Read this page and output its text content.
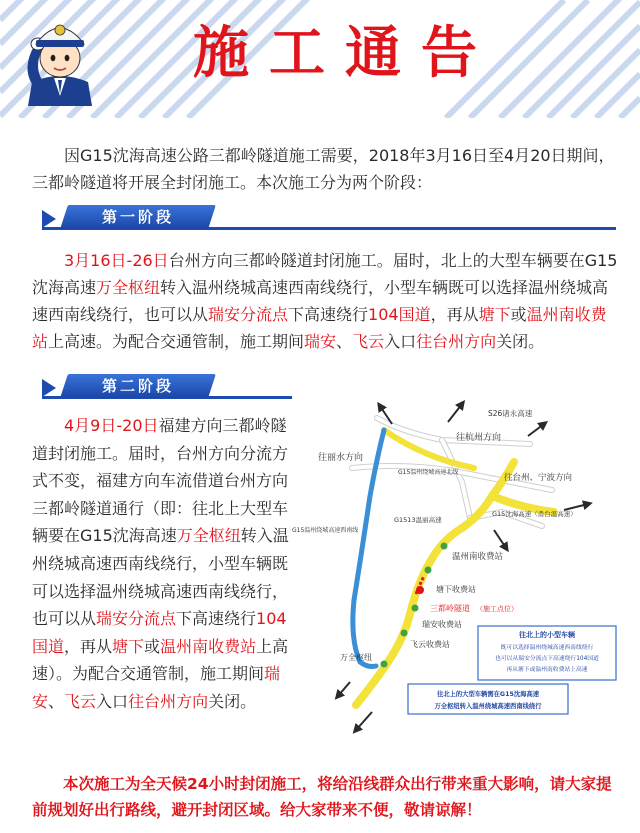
施工通告

因G15沈海高速公路三都岭隧道施工需要，2018年3月16日至4月20日期间，三都岭隧道将开展全封闭施工。本次施工分为两个阶段：

第一阶段

3月16日-26日台州方向三都岭隧道封闭施工。届时，北上的大型车辆要在G15沈海高速万全枢纽转入温州绕城高速西南线绕行，小型车辆既可以选择温州绕城高速西南线绕行，也可以从瑞安分流点下高速绕行104国道，再从塘下或温州南收费站上高速。为配合交通管制，施工期间瑞安、飞云入口往台州方向关闭。

第二阶段

4月9日-20日福建方向三都岭隧道封闭施工。届时，台州方向分流方式不变，福建方向车流借道台州方向三都岭隧道通行（即：往北上大型车辆要在G15沈海高速万全枢纽转入温州绕城高速西南线绕行，小型车辆既可以选择温州绕城高速西南线绕行，也可以从瑞安分流点下高速绕行104国道，再从塘下或温州南收费站上高速）。为配合交通管制，施工期间瑞安、飞云入口往台州方向关闭。

S26诸永高速
往丽水方向
往杭州方向
G15温州绕城高速北线
往台州、宁波方向
G1513温丽高速
G15沈海高速（甬台温高速）
G15温州绕城高速西南线
温州南收费站
塘下收费站
三都岭隧道 （施工点位）
瑞安收费站
飞云收费站
万全枢纽
往北上的小型车辆
既可以选择温州绕城高速西南线绕行
也可以从瑞安分流点下高速绕行104国道
再从塘下或温州南收费站上高速
往北上的大型车辆需在G15沈海高速
万全枢纽转入温州绕城高速西南线绕行

本次施工为全天候24小时封闭施工，将给沿线群众出行带来重大影响，请大家提前规划好出行路线，避开封闭区域。给大家带来不便，敬请谅解！
